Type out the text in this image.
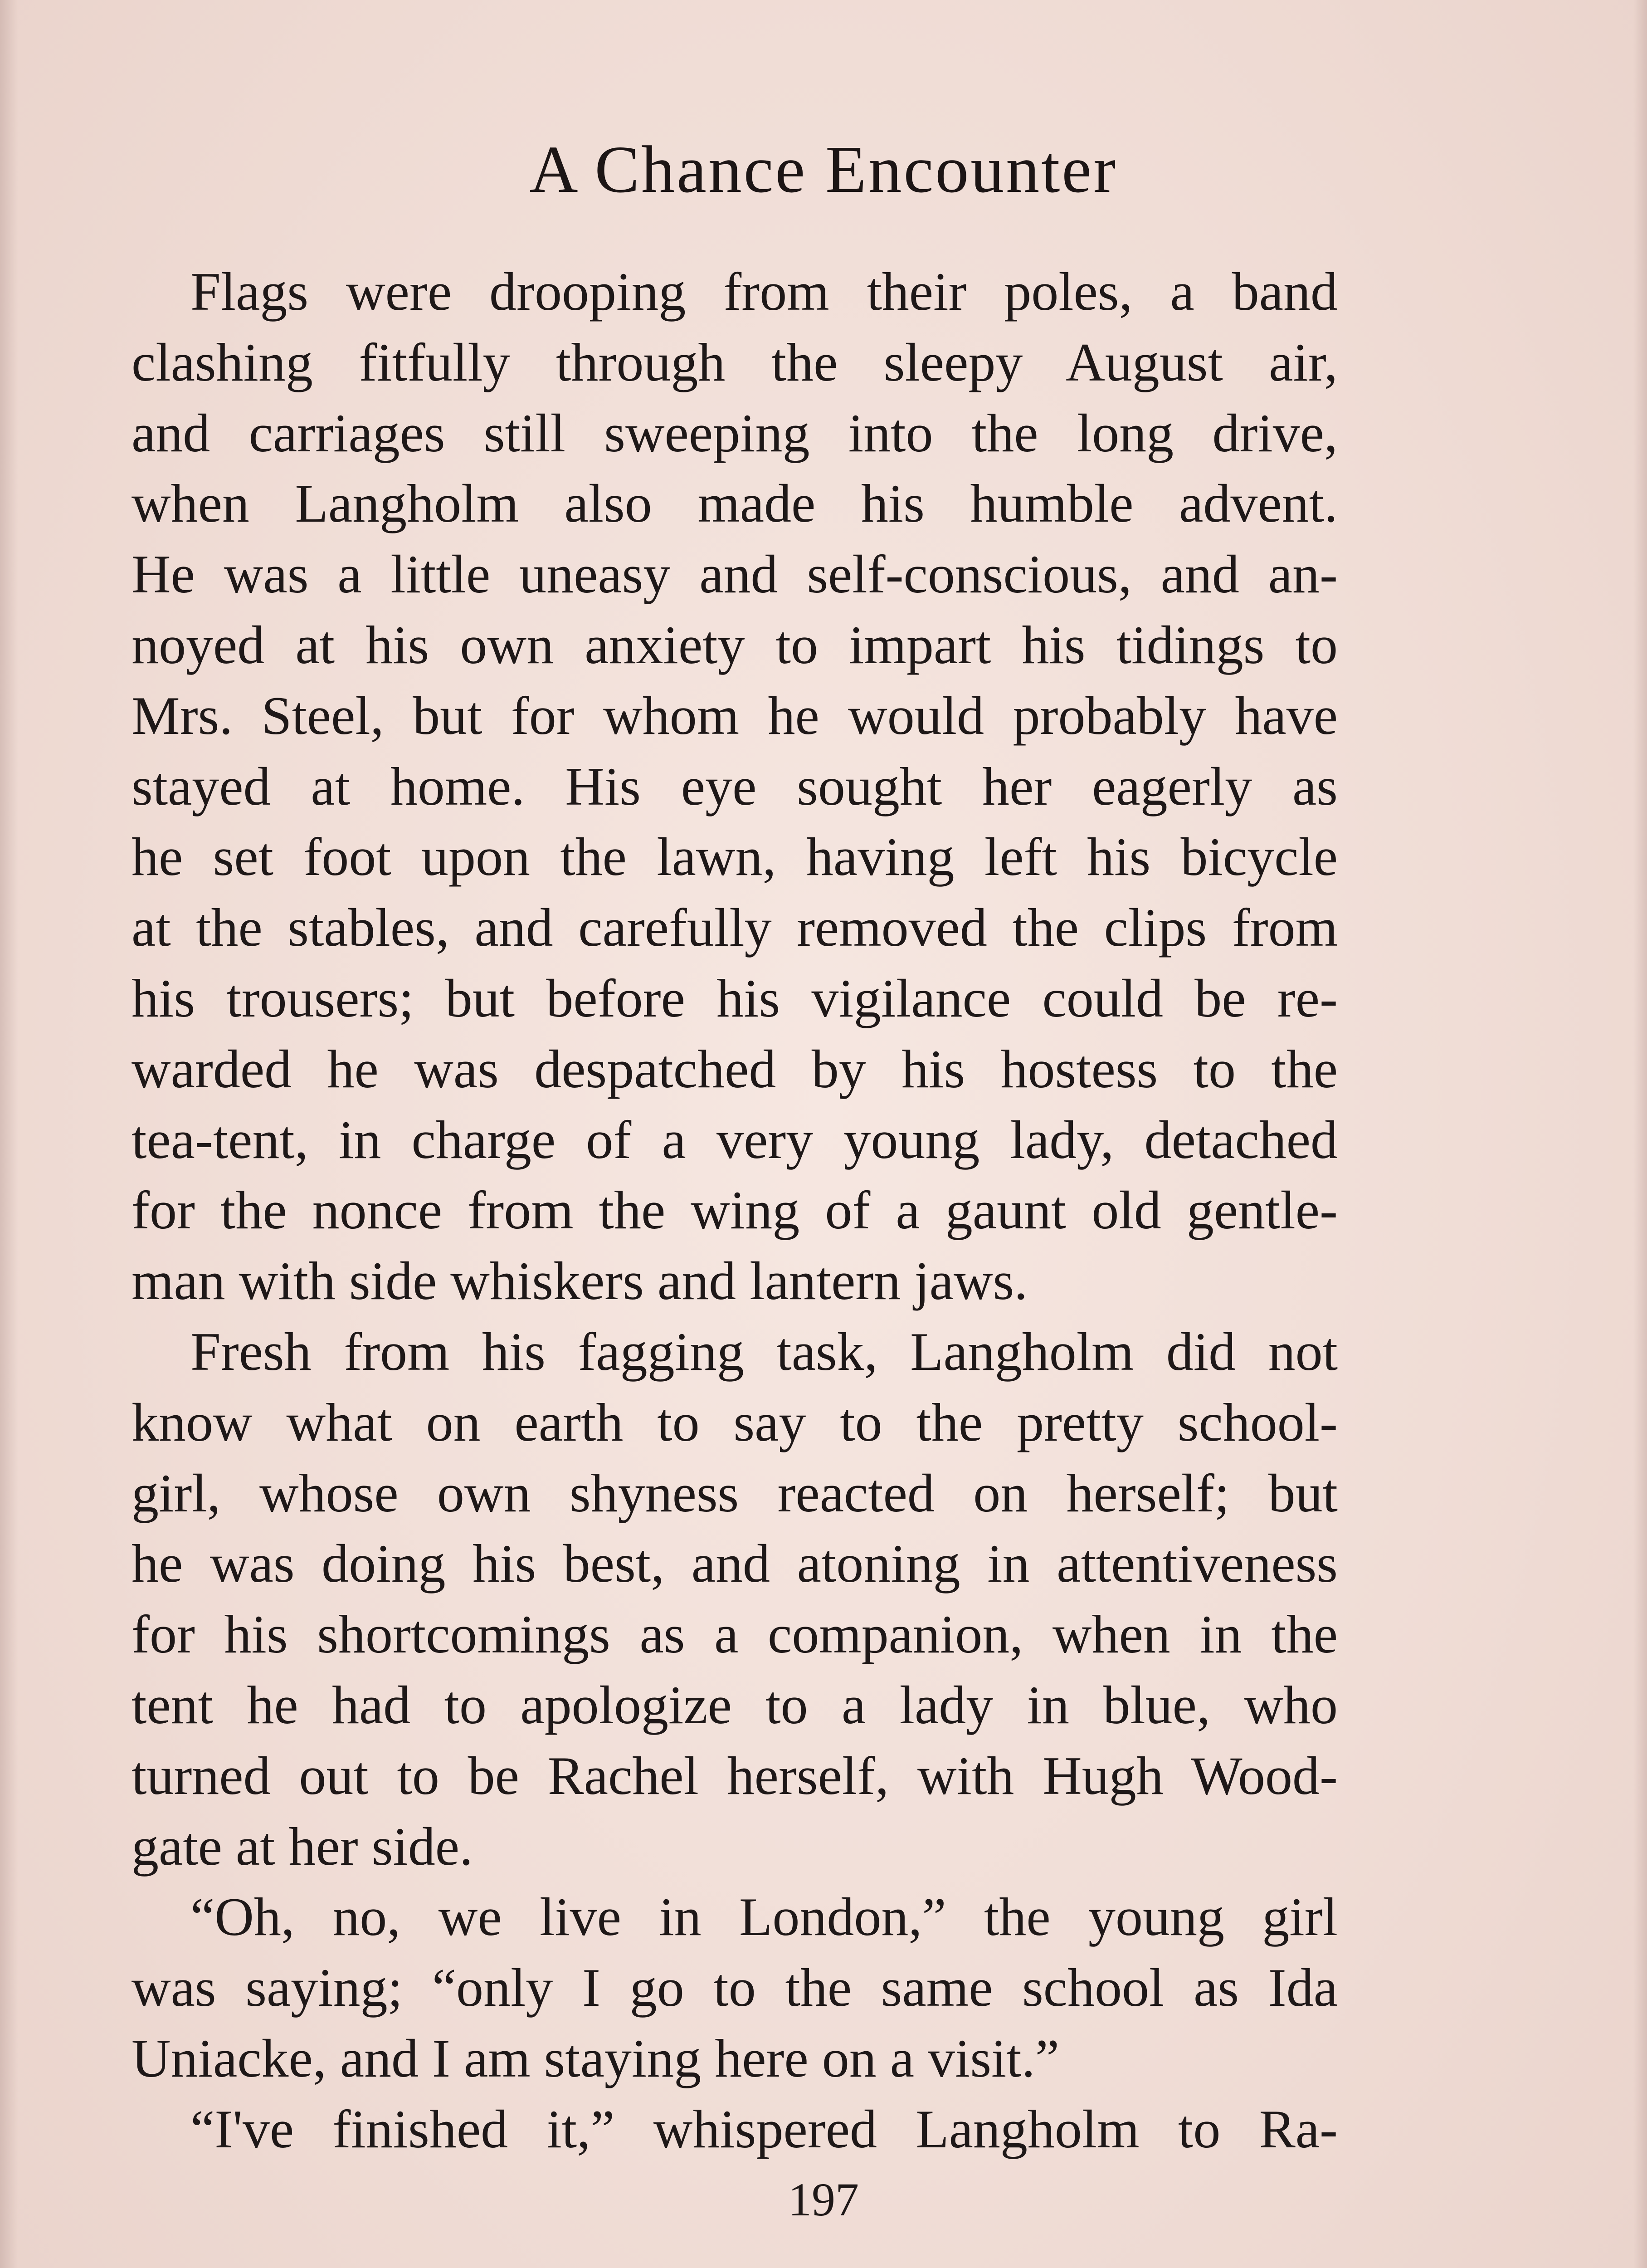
A Chance Encounter
Flags were drooping from their poles, a band
clashing fitfully through the sleepy August air,
and carriages still sweeping into the long drive,
when Langholm also made his humble advent.
He was a little uneasy and self-conscious, and an-
noyed at his own anxiety to impart his tidings to
Mrs. Steel, but for whom he would probably have
stayed at home. His eye sought her eagerly as
he set foot upon the lawn, having left his bicycle
at the stables, and carefully removed the clips from
his trousers; but before his vigilance could be re-
warded he was despatched by his hostess to the
tea-tent, in charge of a very young lady, detached
for the nonce from the wing of a gaunt old gentle-
man with side whiskers and lantern jaws.
Fresh from his fagging task, Langholm did not
know what on earth to say to the pretty school-
girl, whose own shyness reacted on herself; but
he was doing his best, and atoning in attentiveness
for his shortcomings as a companion, when in the
tent he had to apologize to a lady in blue, who
turned out to be Rachel herself, with Hugh Wood-
gate at her side.
“Oh, no, we live in London,” the young girl
was saying; “only I go to the same school as Ida
Uniacke, and I am staying here on a visit.”
“I've finished it,” whispered Langholm to Ra-
197
